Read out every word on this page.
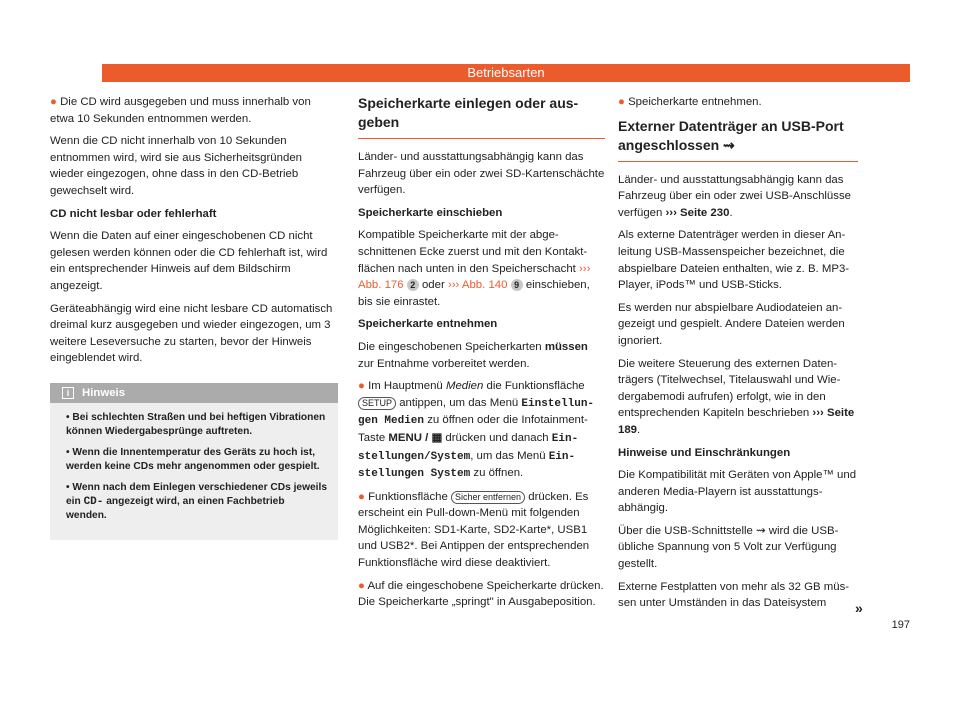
Betriebsarten

● Die CD wird ausgegeben und muss innerhalb von etwa 10 Sekunden entnommen werden.

Wenn die CD nicht innerhalb von 10 Sekunden entnommen wird, wird sie aus Sicherheitsgründen wieder eingezogen, ohne dass in den CD-Betrieb gewechselt wird.

CD nicht lesbar oder fehlerhaft

Wenn die Daten auf einer eingeschobenen CD nicht gelesen werden können oder die CD fehlerhaft ist, wird ein entsprechender Hinweis auf dem Bildschirm angezeigt.

Geräteabhängig wird eine nicht lesbare CD automatisch dreimal kurz ausgegeben und wieder eingezogen, um 3 weitere Leseversuche zu starten, bevor der Hinweis eingeblendet wird.

i Hinweis

• Bei schlechten Straßen und bei heftigen Vibrationen können Wiedergabesprünge auftreten.

• Wenn die Innentemperatur des Geräts zu hoch ist, werden keine CDs mehr angenommen oder gespielt.

• Wenn nach dem Einlegen verschiedener CDs jeweils ein CD- angezeigt wird, an einen Fachbetrieb wenden.

Speicherkarte einlegen oder ausgeben

Länder- und ausstattungsabhängig kann das Fahrzeug über ein oder zwei SD-Kartenschächte verfügen.

Speicherkarte einschieben

Kompatible Speicherkarte mit der abgeschnittenen Ecke zuerst und mit den Kontaktflächen nach unten in den Speicherschacht ››› Abb. 176 2 oder ››› Abb. 140 9 einschieben, bis sie einrastet.

Speicherkarte entnehmen

Die eingeschobenen Speicherkarten müssen zur Entnahme vorbereitet werden.

● Im Hauptmenü Medien die Funktionsfläche SETUP antippen, um das Menü Einstellungen Medien zu öffnen oder die Infotainment-Taste MENU / ▦ drücken und danach Einstellungen/System, um das Menü Einstellungen System zu öffnen.

● Funktionsfläche Sicher entfernen drücken. Es erscheint ein Pull-down-Menü mit folgenden Möglichkeiten: SD1-Karte, SD2-Karte*, USB1 und USB2*. Bei Antippen der entsprechenden Funktionsfläche wird diese deaktiviert.

● Auf die eingeschobene Speicherkarte drücken. Die Speicherkarte „springt" in Ausgabeposition.

● Speicherkarte entnehmen.

Externer Datenträger an USB-Port angeschlossen ⇝

Länder- und ausstattungsabhängig kann das Fahrzeug über ein oder zwei USB-Anschlüsse verfügen ››› Seite 230.

Als externe Datenträger werden in dieser Anleitung USB-Massenspeicher bezeichnet, die abspielbare Dateien enthalten, wie z. B. MP3-Player, iPods™ und USB-Sticks.

Es werden nur abspielbare Audiodateien angezeigt und gespielt. Andere Dateien werden ignoriert.

Die weitere Steuerung des externen Datenträgers (Titelwechsel, Titelauswahl und Wiedergabemodi aufrufen) erfolgt, wie in den entsprechenden Kapiteln beschrieben ››› Seite 189.

Hinweise und Einschränkungen

Die Kompatibilität mit Geräten von Apple™ und anderen Media-Playern ist ausstattungsabhängig.

Über die USB-Schnittstelle ⇝ wird die USB-übliche Spannung von 5 Volt zur Verfügung gestellt.

Externe Festplatten von mehr als 32 GB müssen unter Umständen in das Dateisystem	»
197
